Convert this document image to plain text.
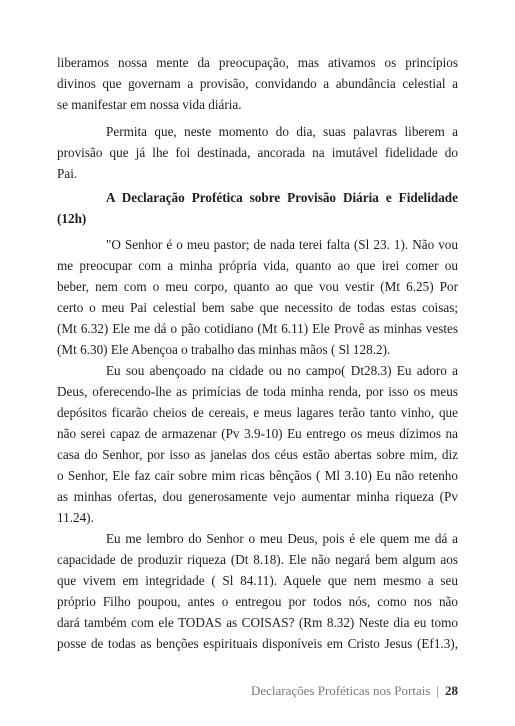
liberamos nossa mente da preocupação, mas ativamos os princípios
divinos que governam a provisão, convidando a abundância celestial a
se manifestar em nossa vida diária.
Permita que, neste momento do dia, suas palavras liberem a
provisão que já lhe foi destinada, ancorada na imutável fidelidade do
Pai.
A Declaração Profética sobre Provisão Diária e Fidelidade
(12h)
"O Senhor é o meu pastor; de nada terei falta (Sl 23. 1). Não vou
me preocupar com a minha própria vida, quanto ao que irei comer ou
beber, nem com o meu corpo, quanto ao que vou vestir (Mt 6.25) Por
certo o meu Pai celestial bem sabe que necessito de todas estas coisas;
(Mt 6.32) Ele me dá o pão cotidiano (Mt 6.11) Ele Provê as minhas vestes
(Mt 6.30) Ele Abençoa o trabalho das minhas mãos ( Sl 128.2).
Eu sou abençoado na cidade ou no campo( Dt28.3) Eu adoro a
Deus, oferecendo-lhe as primícias de toda minha renda, por isso os meus
depósitos ficarão cheios de cereais, e meus lagares terão tanto vinho, que
não serei capaz de armazenar (Pv 3.9-10) Eu entrego os meus dízimos na
casa do Senhor, por isso as janelas dos céus estão abertas sobre mim, diz
o Senhor, Ele faz cair sobre mim ricas bênçãos ( Ml 3.10) Eu não retenho
as minhas ofertas, dou generosamente vejo aumentar minha riqueza (Pv
11.24).
Eu me lembro do Senhor o meu Deus, pois é ele quem me dá a
capacidade de produzir riqueza (Dt 8.18). Ele não negará bem algum aos
que vivem em integridade ( Sl 84.11). Aquele que nem mesmo a seu
próprio Filho poupou, antes o entregou por todos nós, como nos não
dará também com ele TODAS as COISAS? (Rm 8.32) Neste dia eu tomo
posse de todas as benções espirituais disponíveis em Cristo Jesus (Ef1.3),
Declarações Proféticas nos Portais | 28
